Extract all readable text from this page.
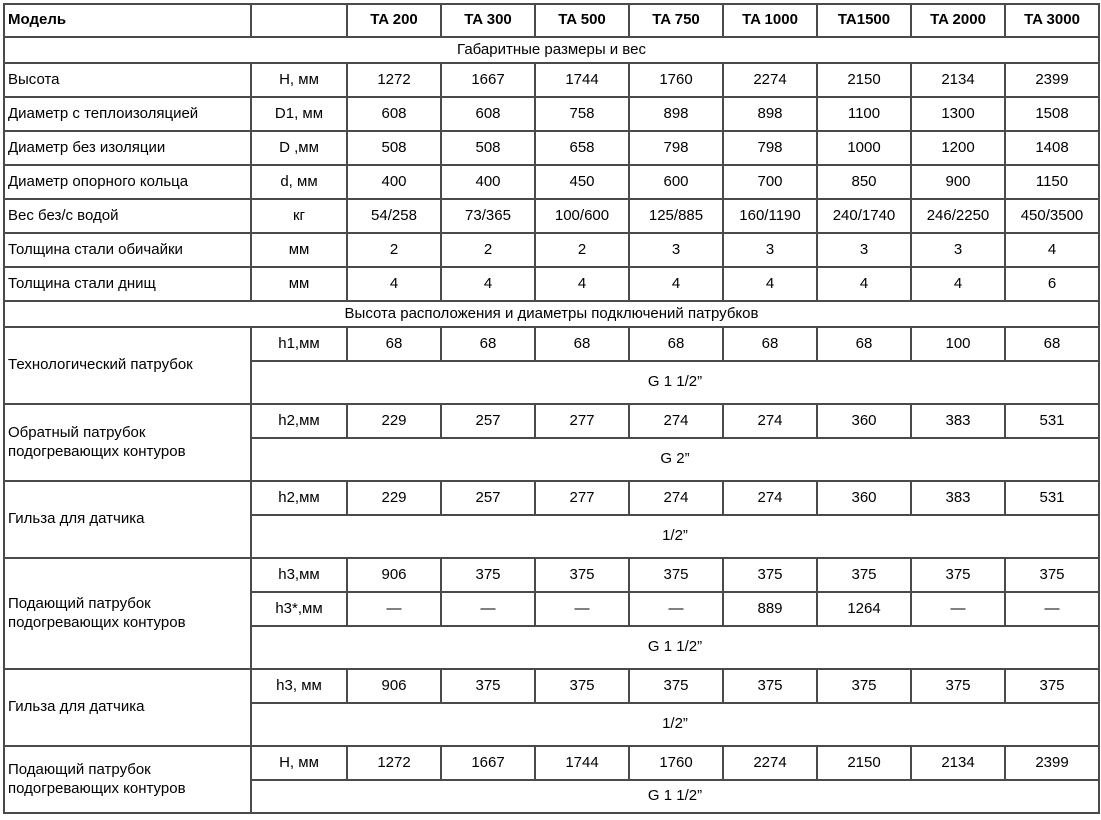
Модель		TA 200	TA 300	TA 500	TA 750	TA 1000	TA1500	TA 2000	TA 3000
Габаритные размеры и вес									
Высота	H, мм	1272	1667	1744	1760	2274	2150	2134	2399
Диаметр с теплоизоляцией	D1, мм	608	608	758	898	898	1100	1300	1508
Диаметр без изоляции	D ,мм	508	508	658	798	798	1000	1200	1408
Диаметр опорного кольца	d, мм	400	400	450	600	700	850	900	1150
Вес без/с водой	кг	54/258	73/365	100/600	125/885	160/1190	240/1740	246/2250	450/3500
Толщина стали обичайки	мм	2	2	2	3	3	3	3	4
Толщина стали днищ	мм	4	4	4	4	4	4	4	6
Высота расположения и диаметры подключений патрубков									
Технологический патрубок	h1,мм	68	68	68	68	68	68	100	68
	G 1 1/2”								
Обратный патрубок подогревающих контуров	h2,мм	229	257	277	274	274	360	383	531
	G 2”								
Гильза для датчика	h2,мм	229	257	277	274	274	360	383	531
	1/2”								
Подающий патрубок подогревающих контуров	h3,мм	906	375	375	375	375	375	375	375
	h3*,мм	—	—	—	—	889	1264	—	—
	G 1 1/2”								
Гильза для датчика	h3, мм	906	375	375	375	375	375	375	375
	1/2”								
Подающий патрубок подогревающих контуров	H, мм	1272	1667	1744	1760	2274	2150	2134	2399
	G 1 1/2”								
